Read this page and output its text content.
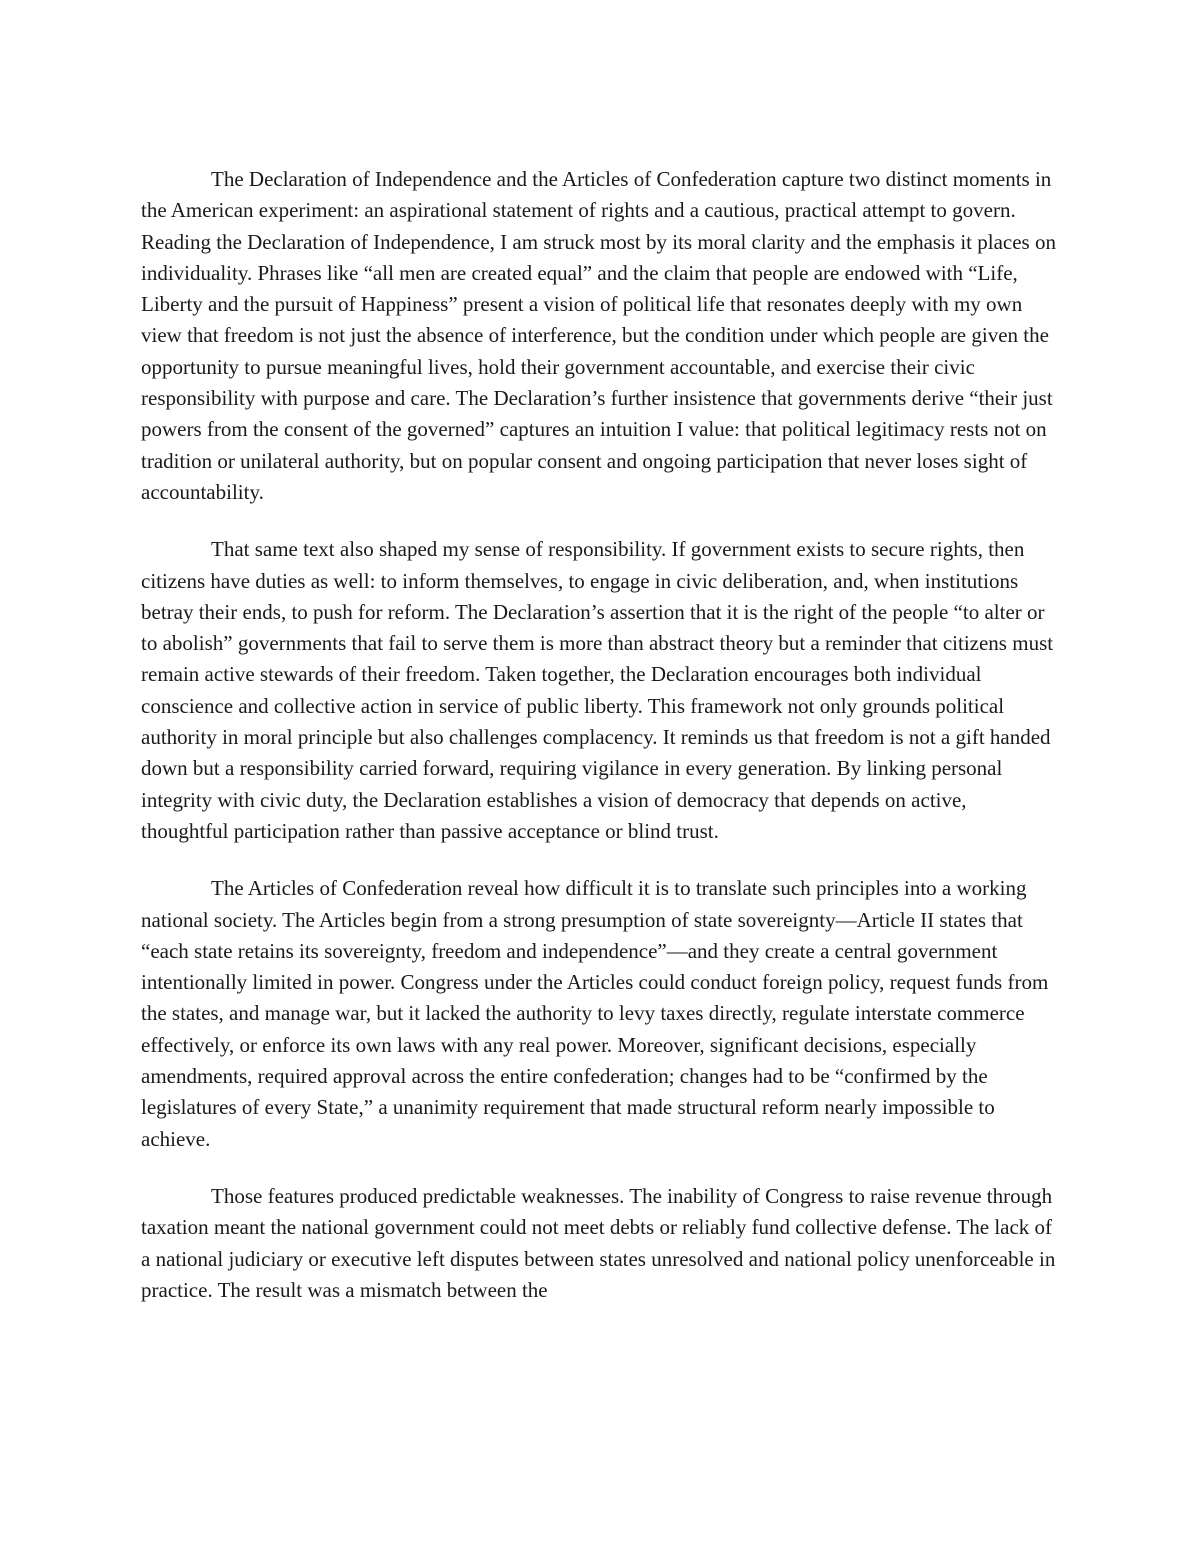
The Declaration of Independence and the Articles of Confederation capture two distinct moments in the American experiment: an aspirational statement of rights and a cautious, practical attempt to govern. Reading the Declaration of Independence, I am struck most by its moral clarity and the emphasis it places on individuality. Phrases like “all men are created equal” and the claim that people are endowed with “Life, Liberty and the pursuit of Happiness” present a vision of political life that resonates deeply with my own view that freedom is not just the absence of interference, but the condition under which people are given the opportunity to pursue meaningful lives, hold their government accountable, and exercise their civic responsibility with purpose and care. The Declaration’s further insistence that governments derive “their just powers from the consent of the governed” captures an intuition I value: that political legitimacy rests not on tradition or unilateral authority, but on popular consent and ongoing participation that never loses sight of accountability.

That same text also shaped my sense of responsibility. If government exists to secure rights, then citizens have duties as well: to inform themselves, to engage in civic deliberation, and, when institutions betray their ends, to push for reform. The Declaration’s assertion that it is the right of the people “to alter or to abolish” governments that fail to serve them is more than abstract theory but a reminder that citizens must remain active stewards of their freedom. Taken together, the Declaration encourages both individual conscience and collective action in service of public liberty. This framework not only grounds political authority in moral principle but also challenges complacency. It reminds us that freedom is not a gift handed down but a responsibility carried forward, requiring vigilance in every generation. By linking personal integrity with civic duty, the Declaration establishes a vision of democracy that depends on active, thoughtful participation rather than passive acceptance or blind trust.

The Articles of Confederation reveal how difficult it is to translate such principles into a working national society. The Articles begin from a strong presumption of state sovereignty—Article II states that “each state retains its sovereignty, freedom and independence”—and they create a central government intentionally limited in power. Congress under the Articles could conduct foreign policy, request funds from the states, and manage war, but it lacked the authority to levy taxes directly, regulate interstate commerce effectively, or enforce its own laws with any real power. Moreover, significant decisions, especially amendments, required approval across the entire confederation; changes had to be “confirmed by the legislatures of every State,” a unanimity requirement that made structural reform nearly impossible to achieve.

Those features produced predictable weaknesses. The inability of Congress to raise revenue through taxation meant the national government could not meet debts or reliably fund collective defense. The lack of a national judiciary or executive left disputes between states unresolved and national policy unenforceable in practice. The result was a mismatch between the
